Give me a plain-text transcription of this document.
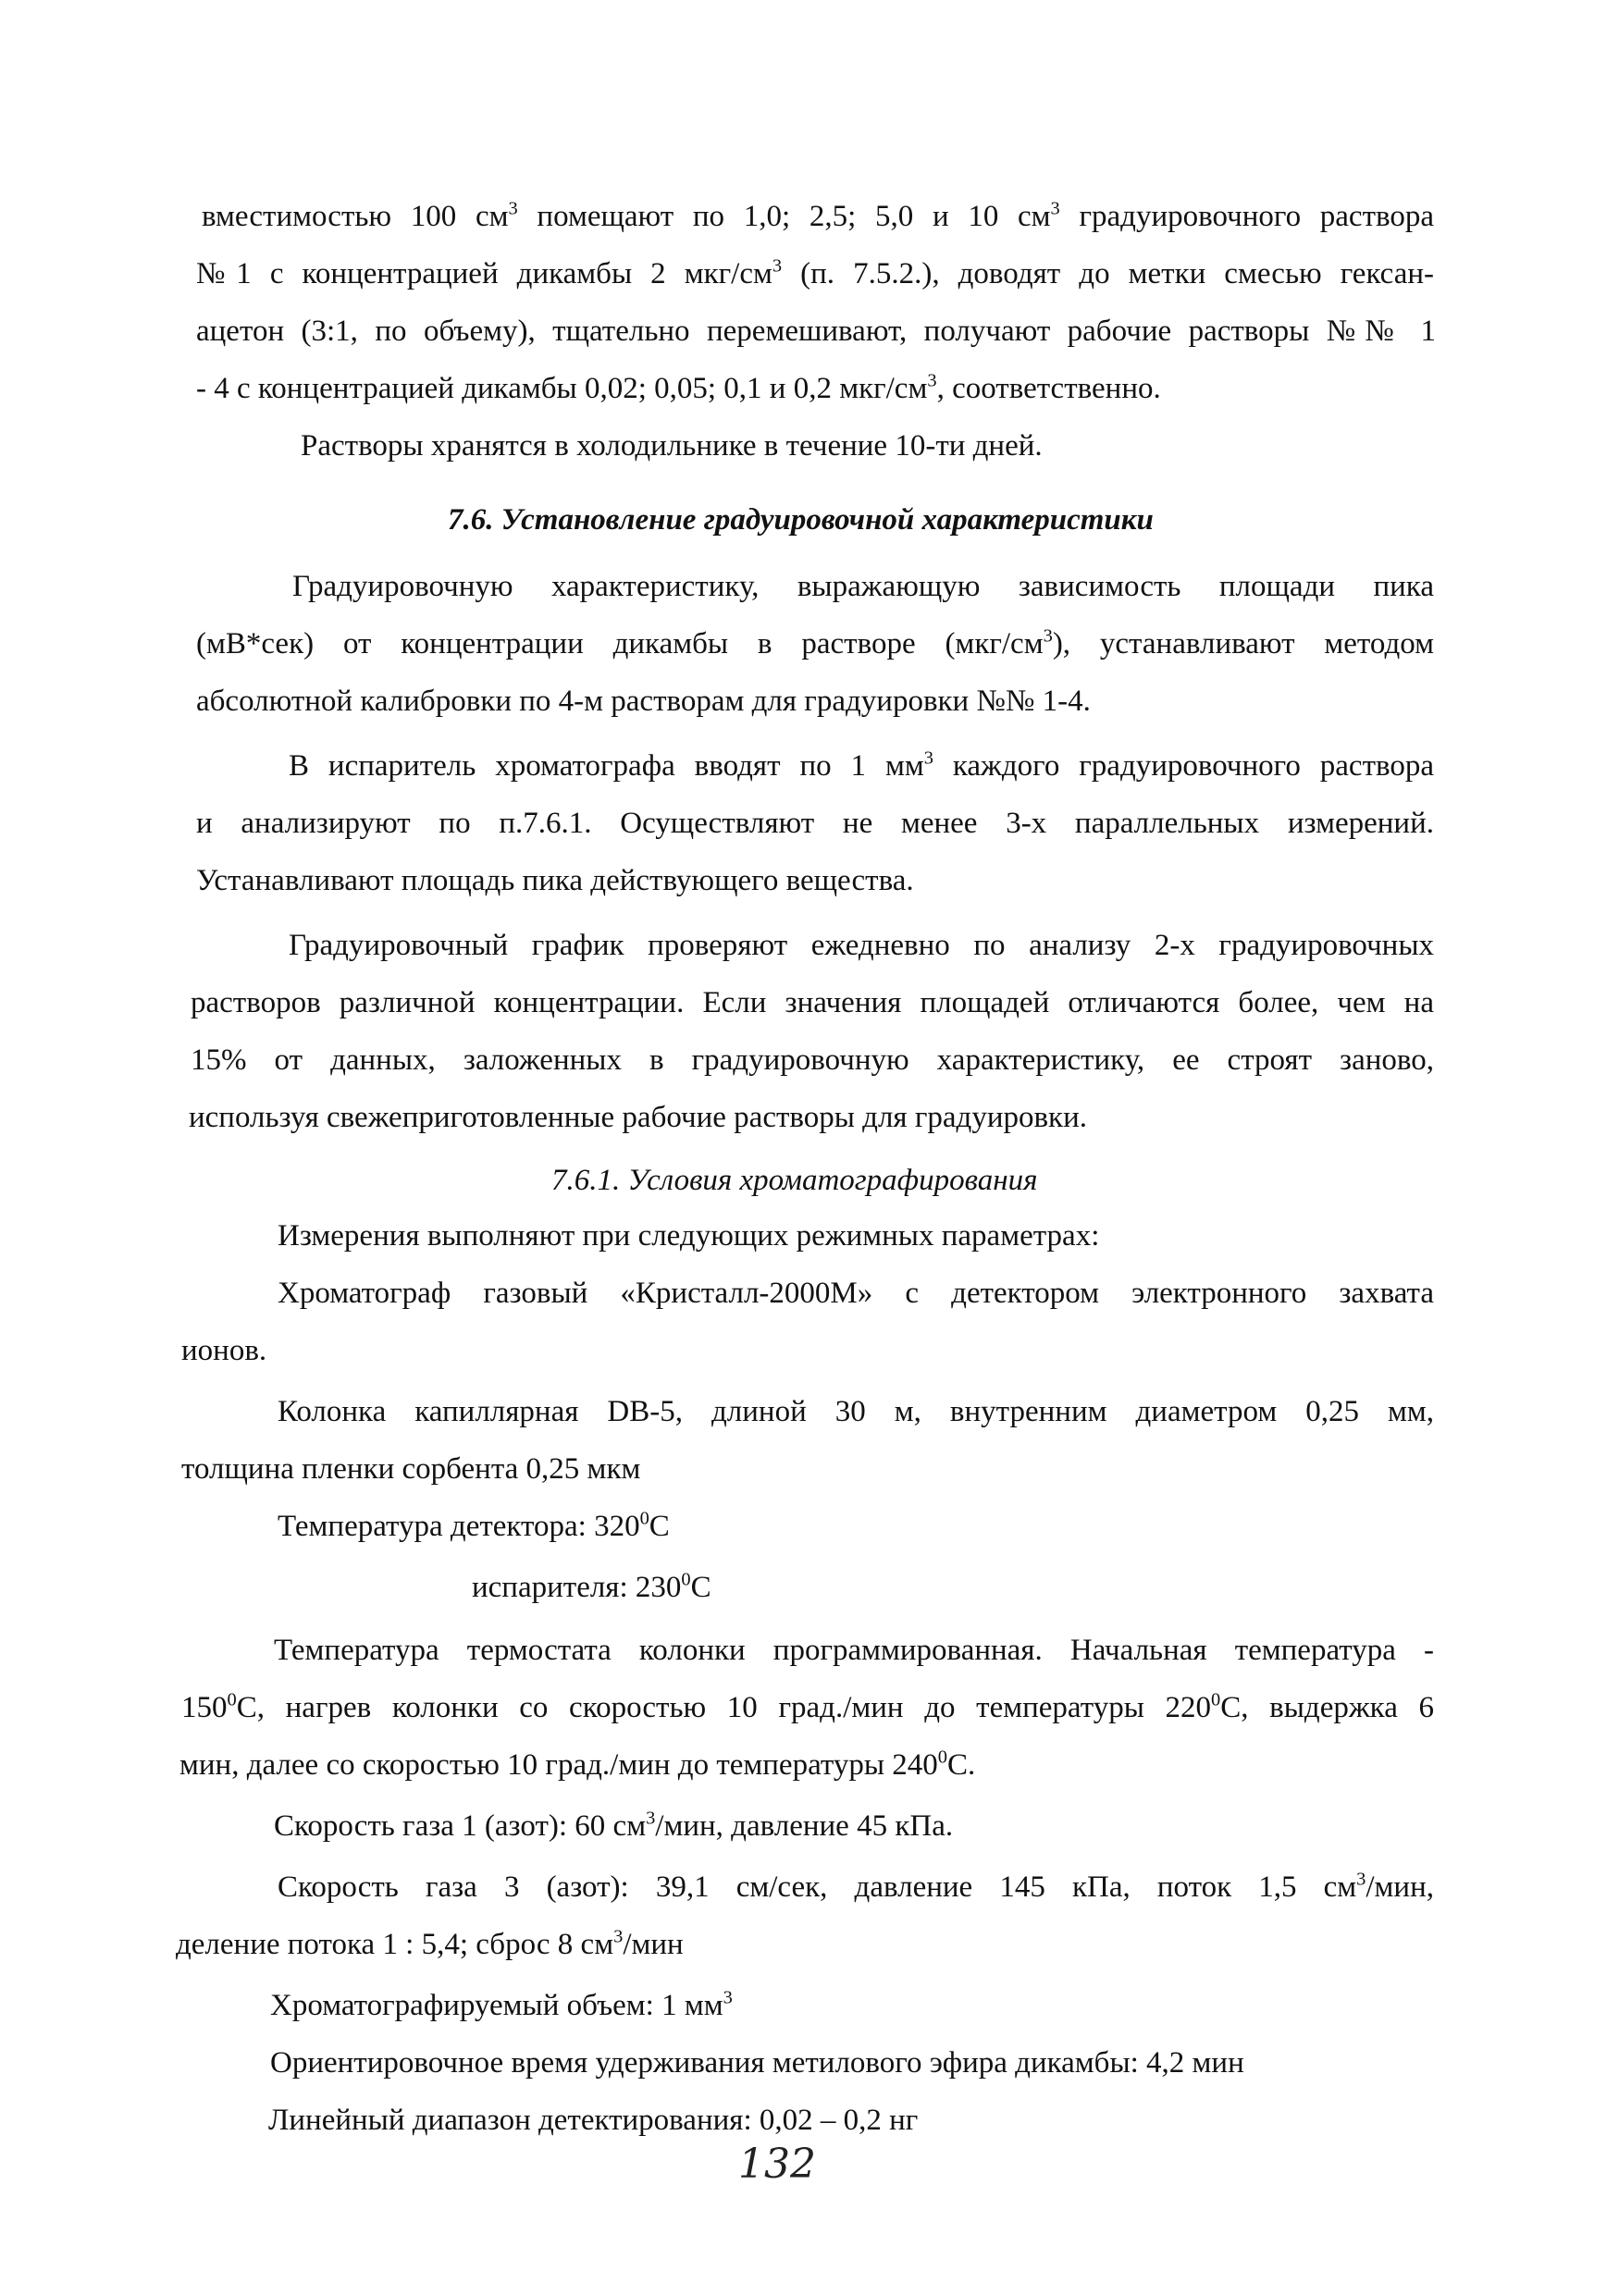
вместимостью 100 $см^3$ помещают по 1,0; 2,5; 5,0 и 10 $см^3$ градуировочного раствора
№1 с концентрацией дикамбы 2 мкг/$см^3$ (п. 7.5.2.), доводят до метки смесью гексан-
ацетон (3:1, по объему), тщательно перемешивают, получают рабочие растворы №№ 1
- 4 с концентрацией дикамбы 0,02; 0,05; 0,1 и 0,2 мкг/$см^3$, соответственно.
Растворы хранятся в холодильнике в течение 10-ти дней.
7.6. Установление градуировочной характеристики
Градуировочную характеристику, выражающую зависимость площади пика
(мВ*сек) от концентрации дикамбы в растворе $(мкг/см^3)$, устанавливают методом
абсолютной калибровки по 4-м растворам для градуировки №№ 1-4.
В испаритель хроматографа вводят по 1 $мм^3$ каждого градуировочного раствора
и анализируют по п.7.6.1. Осуществляют не менее 3-х параллельных измерений.
Устанавливают площадь пика действующего вещества.
Градуировочный график проверяют ежедневно по анализу 2-х градуировочных
растворов различной концентрации. Если значения площадей отличаются более, чем на
15% от данных, заложенных в градуировочную характеристику, ее строят заново,
используя свежеприготовленные рабочие растворы для градуировки.
7.6.1. Условия хроматографирования
Измерения выполняют при следующих режимных параметрах:
Хроматограф газовый «Кристалл-2000М» с детектором электронного захвата
ионов.
Колонка капиллярная DB-5, длиной 30 м, внутренним диаметром 0,25 мм,
толщина пленки сорбента 0,25 мкм
Температура детектора: $320^0С$
испарителя: $230^0С$
Температура термостата колонки программированная. Начальная температура -
$150^0С$, нагрев колонки со скоростью 10 град./мин до температуры $220^0С$, выдержка 6
мин, далее со скоростью 10 град./мин до температуры $240^0С$.
Скорость газа 1 (азот): 60 $см^3$/мин, давление 45 кПа.
Скорость газа 3 (азот): 39,1 см/сек, давление 145 кПа, поток 1,5 $см^3$/мин,
деление потока 1 : 5,4; сброс 8 $см^3$/мин
Хроматографируемый объем: 1 $мм^3$
Ориентировочное время удерживания метилового эфира дикамбы: 4,2 мин
Линейный диапазон детектирования: 0,02 – 0,2 нг
132
